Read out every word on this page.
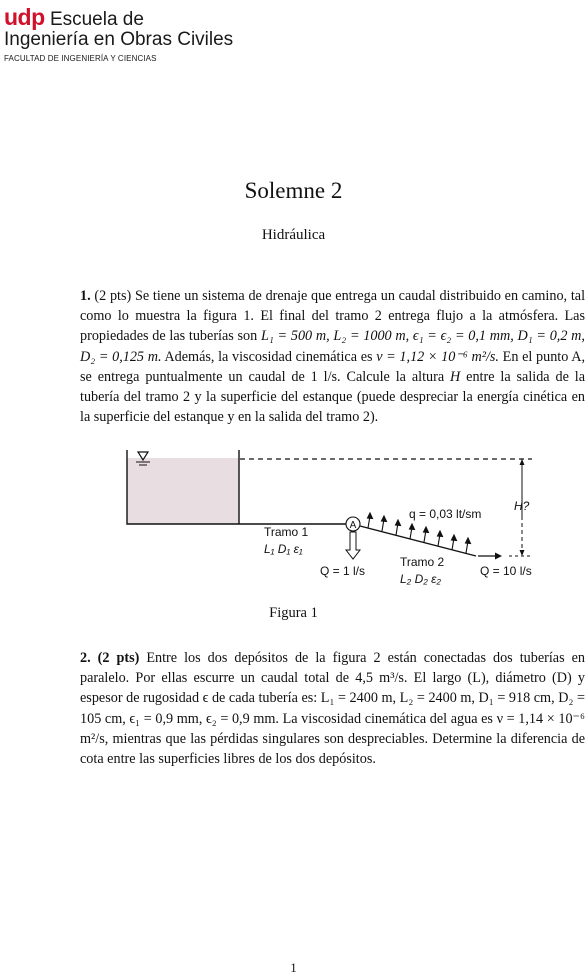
udp Escuela de
Ingeniería en Obras Civiles
FACULTAD DE INGENIERÍA Y CIENCIAS
Solemne 2
Hidráulica
1. (2 pts) Se tiene un sistema de drenaje que entrega un caudal distribuido en camino, tal como lo muestra la figura 1. El final del tramo 2 entrega flujo a la atmósfera. Las propiedades de las tuberías son L₁ = 500 m, L₂ = 1000 m, ϵ₁ = ϵ₂ = 0,1 mm, D₁ = 0,2 m, D₂ = 0,125 m. Además, la viscosidad cinemática es ν = 1,12 × 10⁻⁶ m²/s. En el punto A, se entrega puntualmente un caudal de 1 l/s. Calcule la altura H entre la salida de la tubería del tramo 2 y la superficie del estanque (puede despreciar la energía cinética en la superficie del estanque y en la salida del tramo 2).
A
Tramo 1
L₁ D₁ ε₁
q = 0,03 lt/sm
H?
Q = 1 l/s
Tramo 2
L₂ D₂ ε₂
Q = 10 l/s
Figura 1
2. (2 pts) Entre los dos depósitos de la figura 2 están conectadas dos tuberías en paralelo. Por ellas escurre un caudal total de 4,5 m³/s. El largo (L), diámetro (D) y espesor de rugosidad ϵ de cada tubería es: L₁ = 2400 m, L₂ = 2400 m, D₁ = 918 cm, D₂ = 105 cm, ϵ₁ = 0,9 mm, ϵ₂ = 0,9 mm. La viscosidad cinemática del agua es ν = 1,14 × 10⁻⁶ m²/s, mientras que las pérdidas singulares son despreciables. Determine la diferencia de cota entre las superficies libres de los dos depósitos.
1
